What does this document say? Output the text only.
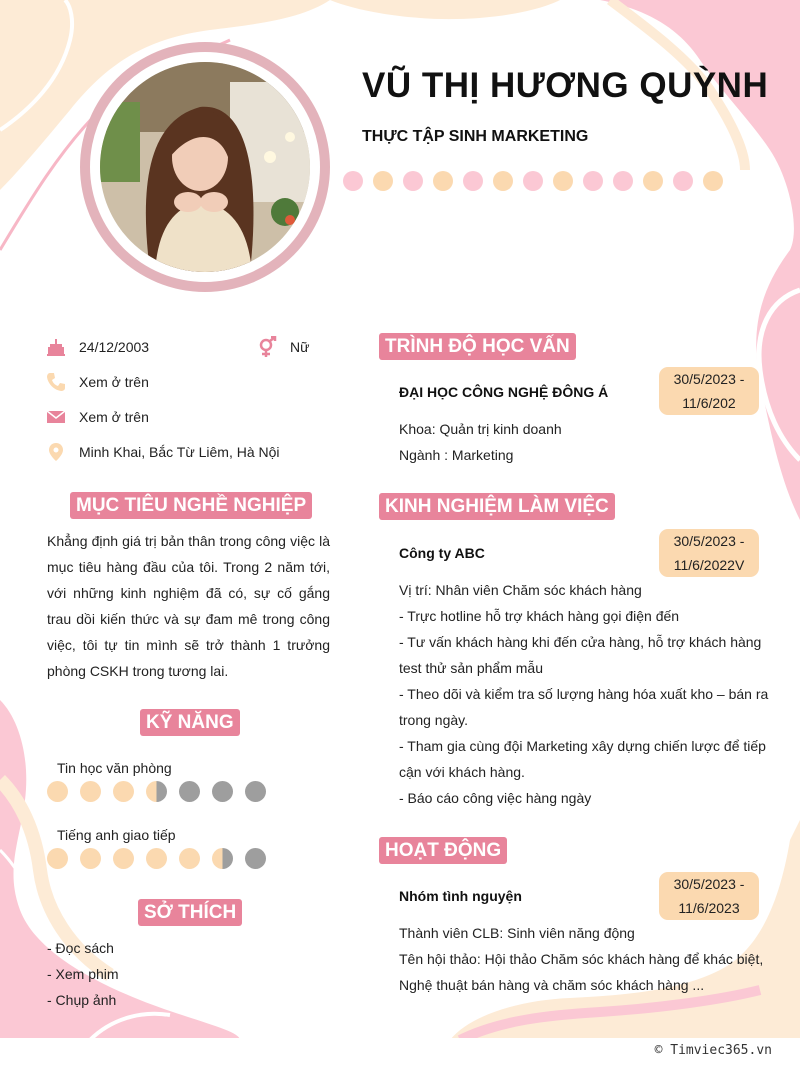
VŨ THỊ HƯƠNG QUỲNH
THỰC TẬP SINH MARKETING
24/12/2003	Nữ
Xem ở trên
Xem ở trên
Minh Khai, Bắc Từ Liêm, Hà Nội
MỤC TIÊU NGHỀ NGHIỆP
Khẳng định giá trị bản thân trong công việc là mục tiêu hàng đầu của tôi. Trong 2 năm tới, với những kinh nghiệm đã có, sự cố gắng trau dồi kiến thức và sự đam mê trong công việc, tôi tự tin mình sẽ trở thành 1 trưởng phòng CSKH trong tương lai.
KỸ NĂNG
Tin học văn phòng
Tiếng anh giao tiếp
SỞ THÍCH
- Đọc sách
- Xem phim
- Chụp ảnh
TRÌNH ĐỘ HỌC VẤN
ĐẠI HỌC CÔNG NGHỆ ĐÔNG Á
30/5/2023 -
11/6/202
Khoa: Quản trị kinh doanh
Ngành : Marketing
KINH NGHIỆM LÀM VIỆC
Công ty ABC
30/5/2023 -
11/6/2022V
Vị trí: Nhân viên Chăm sóc khách hàng
- Trực hotline hỗ trợ khách hàng gọi điện đến
- Tư vấn khách hàng khi đến cửa hàng, hỗ trợ khách hàng test thử sản phẩm mẫu
- Theo dõi và kiểm tra số lượng hàng hóa xuất kho – bán ra trong ngày.
- Tham gia cùng đội Marketing xây dựng chiến lược để tiếp cận với khách hàng.
- Báo cáo công việc hàng ngày
HOẠT ĐỘNG
Nhóm tình nguyện
30/5/2023 -
11/6/2023
Thành viên CLB: Sinh viên năng động
Tên hội thảo: Hội thảo Chăm sóc khách hàng để khác biệt, Nghệ thuật bán hàng và chăm sóc khách hàng ...
© Timviec365.vn
